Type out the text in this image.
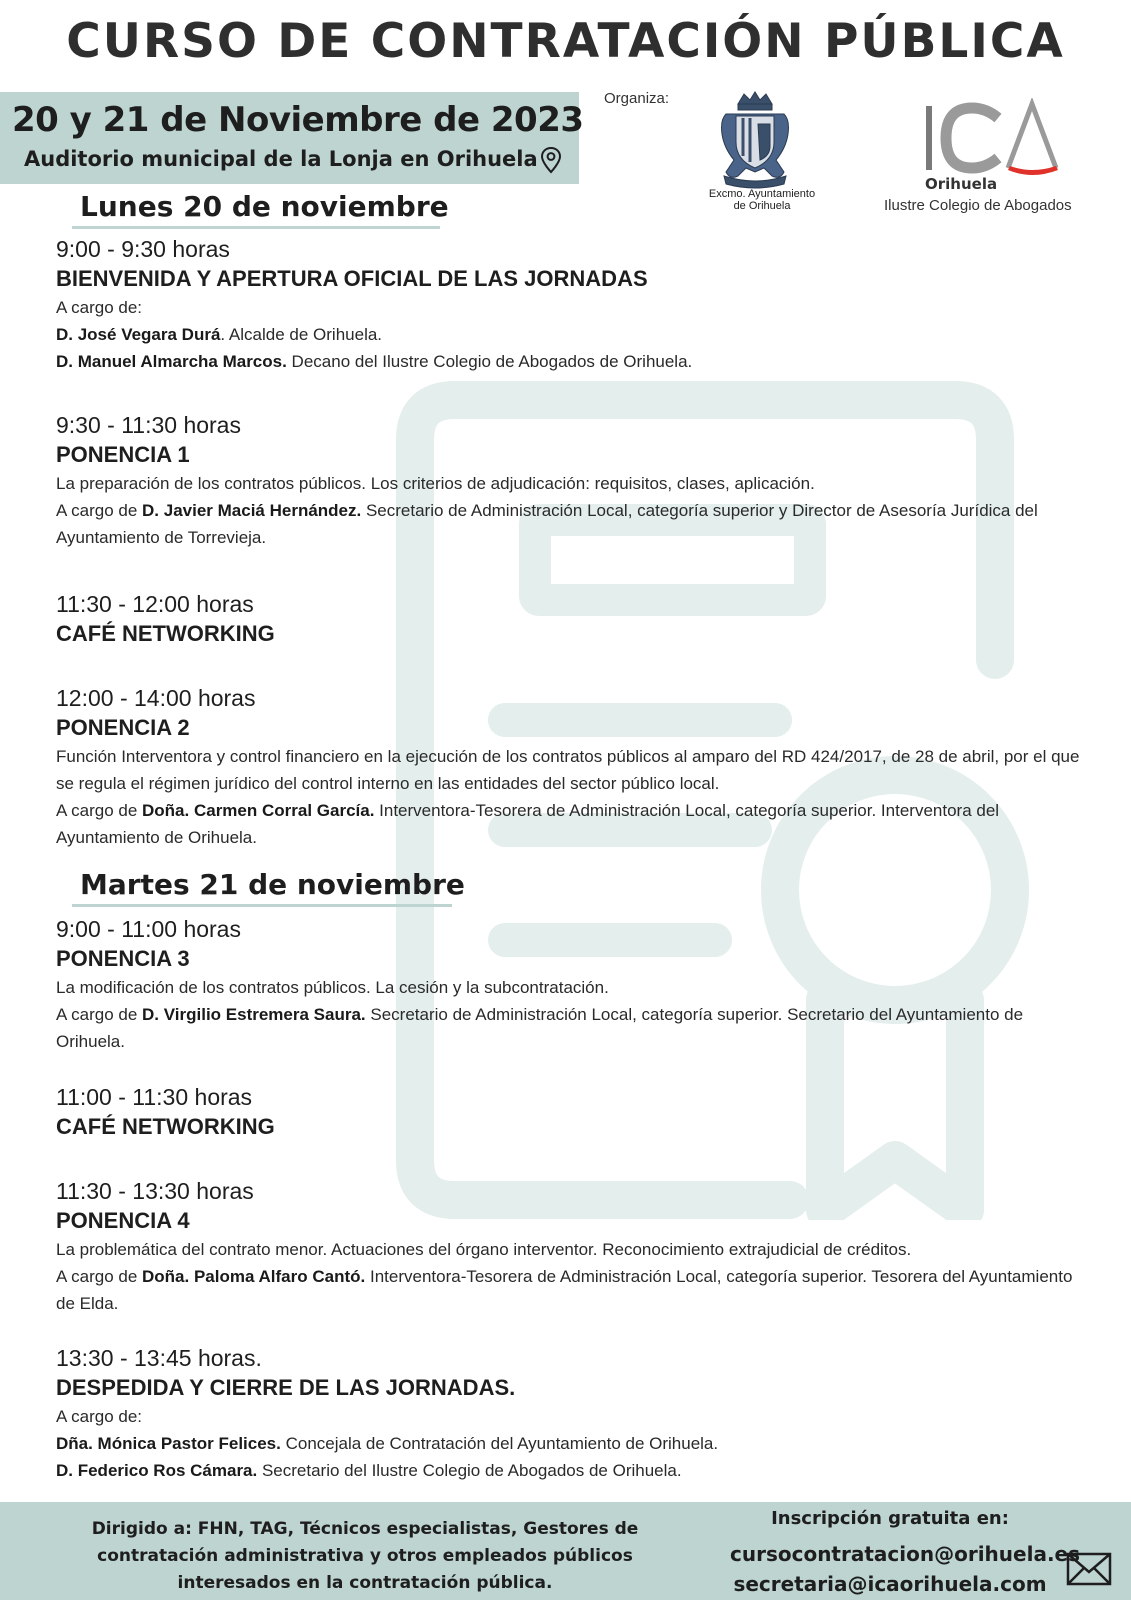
CURSO DE CONTRATACIÓN PÚBLICA
20 y 21 de Noviembre de 2023
Auditorio municipal de la Lonja en Orihuela
Organiza:
Excmo. Ayuntamiento
de Orihuela
Orihuela
Ilustre Colegio de Abogados
Lunes 20 de noviembre
9:00 - 9:30 horas
BIENVENIDA Y APERTURA OFICIAL DE LAS JORNADAS
A cargo de:
D. José Vegara Durá. Alcalde de Orihuela.
D. Manuel Almarcha Marcos. Decano del Ilustre Colegio de Abogados de Orihuela.
9:30 - 11:30 horas
PONENCIA 1
La preparación de los contratos públicos. Los criterios de adjudicación: requisitos, clases, aplicación.
A cargo de D. Javier Maciá Hernández. Secretario de Administración Local, categoría superior y Director de Asesoría Jurídica del Ayuntamiento de Torrevieja.
11:30 - 12:00 horas
CAFÉ NETWORKING
12:00 - 14:00 horas
PONENCIA 2
Función Interventora y control financiero en la ejecución de los contratos públicos al amparo del RD 424/2017, de 28 de abril, por el que se regula el régimen jurídico del control interno en las entidades del sector público local.
A cargo de Doña. Carmen Corral García. Interventora-Tesorera de Administración Local, categoría superior. Interventora del Ayuntamiento de Orihuela.
Martes 21 de noviembre
9:00 - 11:00 horas
PONENCIA 3
La modificación de los contratos públicos. La cesión y la subcontratación.
A cargo de D. Virgilio Estremera Saura. Secretario de Administración Local, categoría superior. Secretario del Ayuntamiento de Orihuela.
11:00 - 11:30 horas
CAFÉ NETWORKING
11:30 - 13:30 horas
PONENCIA 4
La problemática del contrato menor. Actuaciones del órgano interventor. Reconocimiento extrajudicial de créditos.
A cargo de Doña. Paloma Alfaro Cantó. Interventora-Tesorera de Administración Local, categoría superior. Tesorera del Ayuntamiento de Elda.
13:30 - 13:45 horas.
DESPEDIDA Y CIERRE DE LAS JORNADAS.
A cargo de:
Dña. Mónica Pastor Felices. Concejala de Contratación del Ayuntamiento de Orihuela.
D. Federico Ros Cámara. Secretario del Ilustre Colegio de Abogados de Orihuela.
Dirigido a: FHN, TAG, Técnicos especialistas, Gestores de contratación administrativa y otros empleados públicos interesados en la contratación pública.
Inscripción gratuita en:
cursocontratacion@orihuela.es
secretaria@icaorihuela.com
